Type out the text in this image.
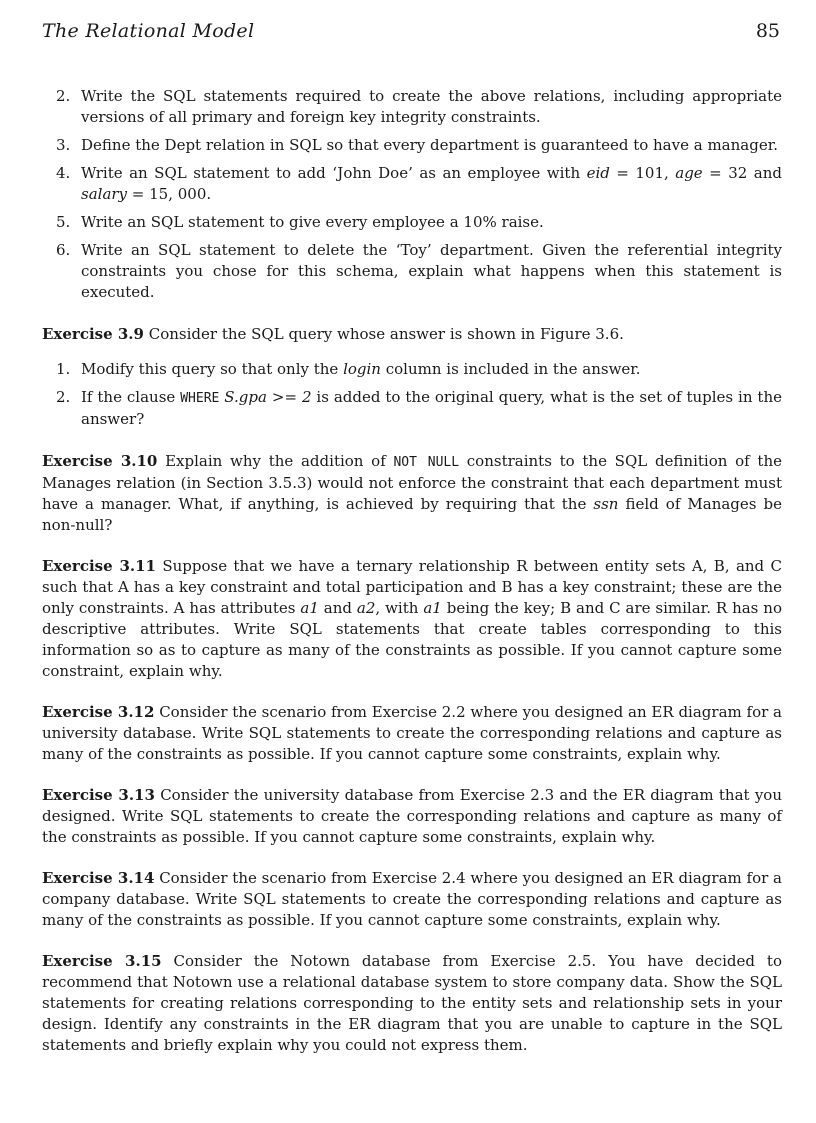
The Relational Model	85
2. Write the SQL statements required to create the above relations, including appropriate versions of all primary and foreign key integrity constraints.
3. Define the Dept relation in SQL so that every department is guaranteed to have a manager.
4. Write an SQL statement to add ‘John Doe’ as an employee with eid = 101, age = 32 and salary = 15, 000.
5. Write an SQL statement to give every employee a 10% raise.
6. Write an SQL statement to delete the ‘Toy’ department. Given the referential integrity constraints you chose for this schema, explain what happens when this statement is executed.

Exercise 3.9 Consider the SQL query whose answer is shown in Figure 3.6.

1. Modify this query so that only the login column is included in the answer.
2. If the clause WHERE S.gpa >= 2 is added to the original query, what is the set of tuples in the answer?

Exercise 3.10 Explain why the addition of NOT NULL constraints to the SQL definition of the Manages relation (in Section 3.5.3) would not enforce the constraint that each department must have a manager. What, if anything, is achieved by requiring that the ssn field of Manages be non-null?

Exercise 3.11 Suppose that we have a ternary relationship R between entity sets A, B, and C such that A has a key constraint and total participation and B has a key constraint; these are the only constraints. A has attributes a1 and a2, with a1 being the key; B and C are similar. R has no descriptive attributes. Write SQL statements that create tables corresponding to this information so as to capture as many of the constraints as possible. If you cannot capture some constraint, explain why.

Exercise 3.12 Consider the scenario from Exercise 2.2 where you designed an ER diagram for a university database. Write SQL statements to create the corresponding relations and capture as many of the constraints as possible. If you cannot capture some constraints, explain why.

Exercise 3.13 Consider the university database from Exercise 2.3 and the ER diagram that you designed. Write SQL statements to create the corresponding relations and capture as many of the constraints as possible. If you cannot capture some constraints, explain why.

Exercise 3.14 Consider the scenario from Exercise 2.4 where you designed an ER diagram for a company database. Write SQL statements to create the corresponding relations and capture as many of the constraints as possible. If you cannot capture some constraints, explain why.

Exercise 3.15 Consider the Notown database from Exercise 2.5. You have decided to recommend that Notown use a relational database system to store company data. Show the SQL statements for creating relations corresponding to the entity sets and relationship sets in your design. Identify any constraints in the ER diagram that you are unable to capture in the SQL statements and briefly explain why you could not express them.
